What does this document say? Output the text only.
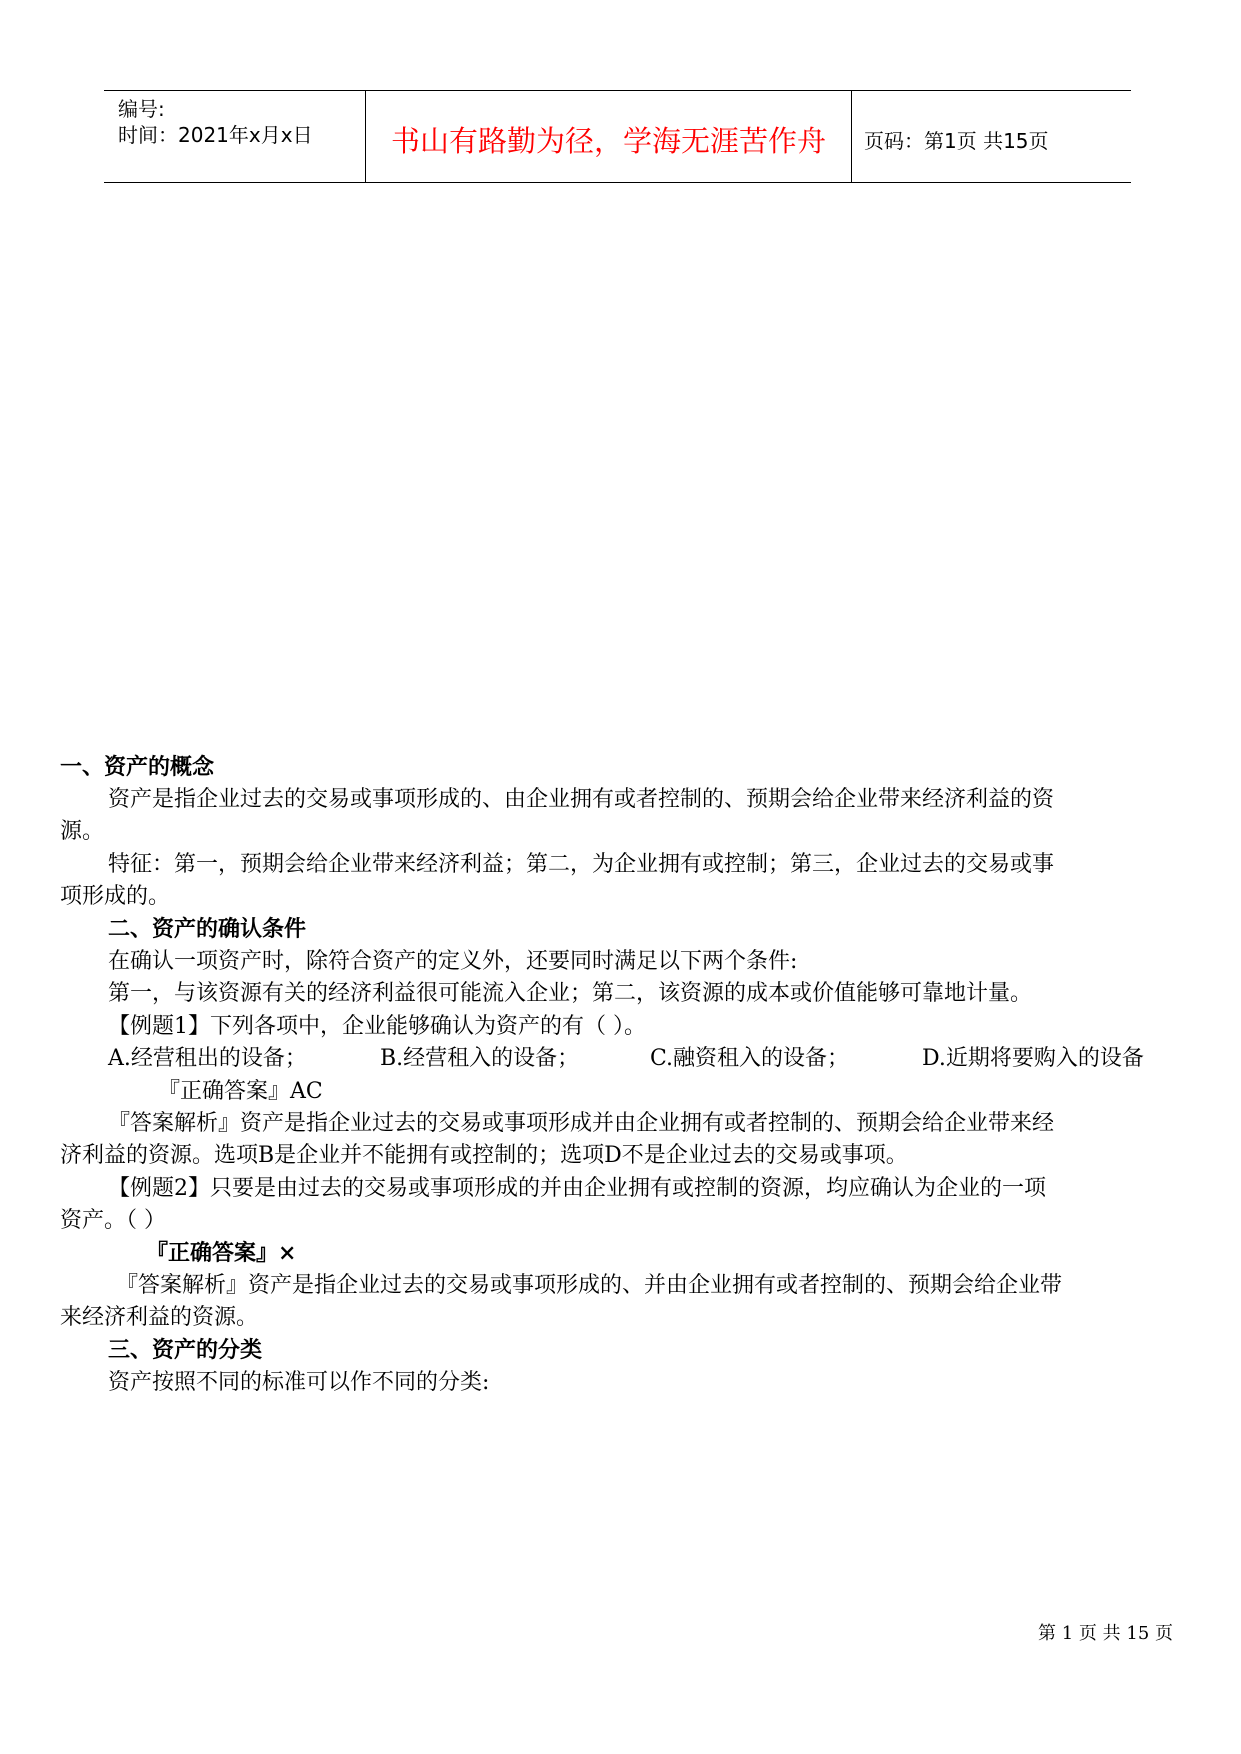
编号:
时间：2021年x月x日	书山有路勤为径，学海无涯苦作舟	页码：第1页 共15页
一、资产的概念
资产是指企业过去的交易或事项形成的、由企业拥有或者控制的、预期会给企业带来经济利益的资
源。
特征：第一，预期会给企业带来经济利益；第二，为企业拥有或控制；第三，企业过去的交易或事
项形成的。
二、资产的确认条件
在确认一项资产时，除符合资产的定义外，还要同时满足以下两个条件:
第一，与该资源有关的经济利益很可能流入企业；第二，该资源的成本或价值能够可靠地计量。
【例题1】下列各项中，企业能够确认为资产的有（ ）。
A.经营租出的设备；	B.经营租入的设备；	C.融资租入的设备；	D.近期将要购入的设备
『正确答案』AC
『答案解析』资产是指企业过去的交易或事项形成并由企业拥有或者控制的、预期会给企业带来经
济利益的资源。选项B是企业并不能拥有或控制的；选项D不是企业过去的交易或事项。
【例题2】只要是由过去的交易或事项形成的并由企业拥有或控制的资源，均应确认为企业的一项
资产。（ ）
『正确答案』×
『答案解析』资产是指企业过去的交易或事项形成的、并由企业拥有或者控制的、预期会给企业带
来经济利益的资源。
三、资产的分类
资产按照不同的标准可以作不同的分类:
第 1 页 共 15 页
